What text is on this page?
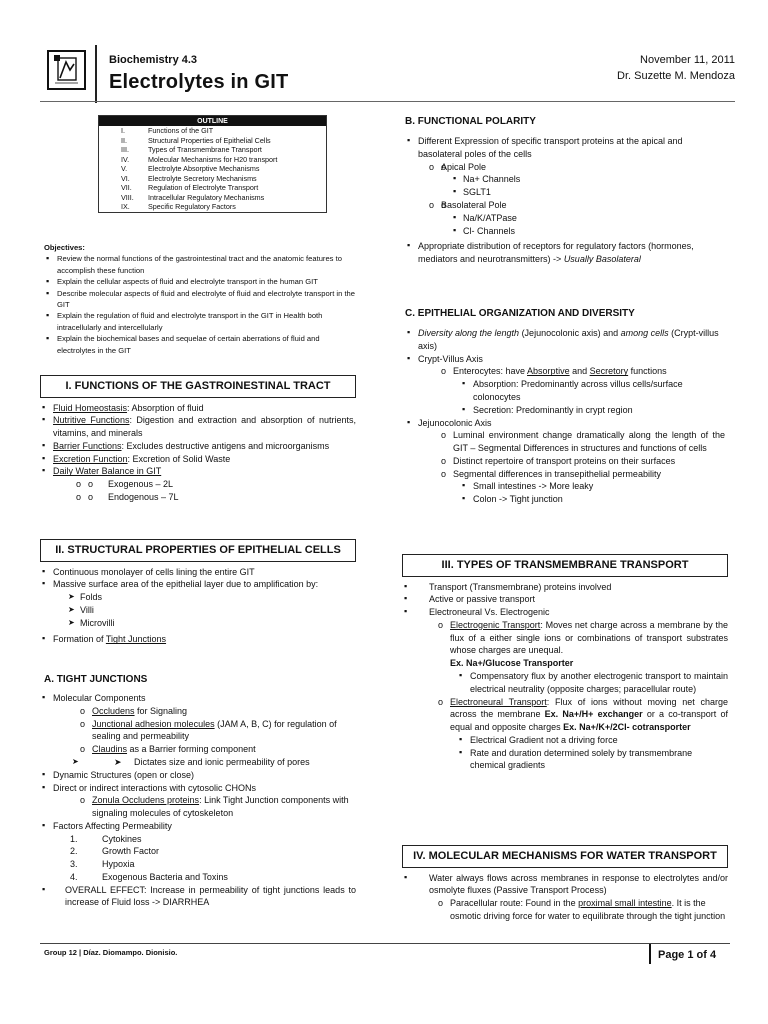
Biochemistry 4.3
Electrolytes in GIT
November 11, 2011
Dr. Suzette M. Mendoza
OUTLINE
I.	Functions of the GIT
II.	Structural Properties of Epithelial Cells
III.	Types of Transmembrane Transport
IV.	Molecular Mechanisms for H20 transport
V.	Electrolyte Absorptive Mechanisms
VI.	Electrolyte Secretory Mechanisms
VII.	Regulation of Electrolyte Transport
VIII.	Intracellular Regulatory Mechanisms
IX.	Specific Regulatory Factors
Objectives:
▪ Review the normal functions of the gastrointestinal tract and the anatomic features to accomplish these function
▪ Explain the cellular aspects of fluid and electrolyte transport in the human GIT
▪ Describe molecular aspects of fluid and electrolyte of fluid and electrolyte transport in the GIT
▪ Explain the regulation of fluid and electrolyte transport in the GIT in Health both intracellularly and intercellularly
▪ Explain the biochemical bases and sequelae of certain aberrations of fluid and electrolytes in the GIT
I. FUNCTIONS OF THE GASTROINESTINAL TRACT
▪ Fluid Homeostasis: Absorption of fluid
▪ Nutritive Functions: Digestion and extraction and absorption of nutrients, vitamins, and minerals
▪ Barrier Functions: Excludes destructive antigens and microorganisms
▪ Excretion Function: Excretion of Solid Waste
▪ Daily Water Balance in GIT
o o Exogenous – 2L
o o Endogenous – 7L
II. STRUCTURAL PROPERTIES OF EPITHELIAL CELLS
▪ Continuous monolayer of cells lining the entire GIT
▪ Massive surface area of the epithelial layer due to amplification by:
➤ Folds
➤ Villi
➤ Microvilli
▪ Formation of Tight Junctions
A. TIGHT JUNCTIONS
▪ Molecular Components
o Occludens for Signaling
o Junctional adhesion molecules (JAM A, B, C) for regulation of sealing and permeability
o Claudins as a Barrier forming component
➤ ➤ Dictates size and ionic permeability of pores
▪ Dynamic Structures (open or close)
▪ Direct or indirect interactions with cytosolic CHONs
o Zonula Occludens proteins: Link Tight Junction components with signaling molecules of cytoskeleton
▪ Factors Affecting Permeability
1.	Cytokines
2.	Growth Factor
3.	Hypoxia
4.	Exogenous Bacteria and Toxins
▪ OVERALL EFFECT: Increase in permeability of tight junctions leads to increase of Fluid loss -> DIARRHEA
B. FUNCTIONAL POLARITY
▪ Different Expression of specific transport proteins at the apical and basolateral poles of the cells
o o Apical Pole
▪ Na+ Channels
▪ SGLT1
o o Basolateral Pole
▪ Na/K/ATPase
▪ Cl- Channels
▪ Appropriate distribution of receptors for regulatory factors (hormones, mediators and neurotransmitters) -> Usually Basolateral
C. EPITHELIAL ORGANIZATION AND DIVERSITY
▪ Diversity along the length (Jejunocolonic axis) and among cells (Crypt-villus axis)
▪ Crypt-Villus Axis
o Enterocytes: have Absorptive and Secretory functions
▪ Absorption: Predominantly across villus cells/surface colonocytes
▪ Secretion: Predominantly in crypt region
▪ Jejunocolonic Axis
o Luminal environment change dramatically along the length of the GIT – Segmental Differences in structures and functions of cells
o Distinct repertoire of transport proteins on their surfaces
o Segmental differences in transepithelial permeability
▪ Small intestines -> More leaky
▪ Colon -> Tight junction
III. TYPES OF TRANSMEMBRANE TRANSPORT
▪ Transport (Transmembrane) proteins involved
▪ Active or passive transport
▪ Electroneural Vs. Electrogenic
o Electrogenic Transport: Moves net charge across a membrane by the flux of a either single ions or combinations of transport substrates whose charges are unequal.
Ex. Na+/Glucose Transporter
▪ Compensatory flux by another electrogenic transport to maintain electrical neutrality (opposite charges; paracellular route)
o Electroneural Transport: Flux of ions without moving net charge across the membrane Ex. Na+/H+ exchanger or a co-transport of equal and opposite charges Ex. Na+/K+/2Cl- cotransporter
▪ Electrical Gradient not a driving force
▪ Rate and duration determined solely by transmembrane chemical gradients
IV. MOLECULAR MECHANISMS FOR WATER TRANSPORT
▪ Water always flows across membranes in response to electrolytes and/or osmolyte fluxes (Passive Transport Process)
o Paracellular route: Found in the proximal small intestine. It is the osmotic driving force for water to equilibrate through the tight junction
Group 12 | Díaz. Diomampo. Dionisio.	Page 1 of 4
